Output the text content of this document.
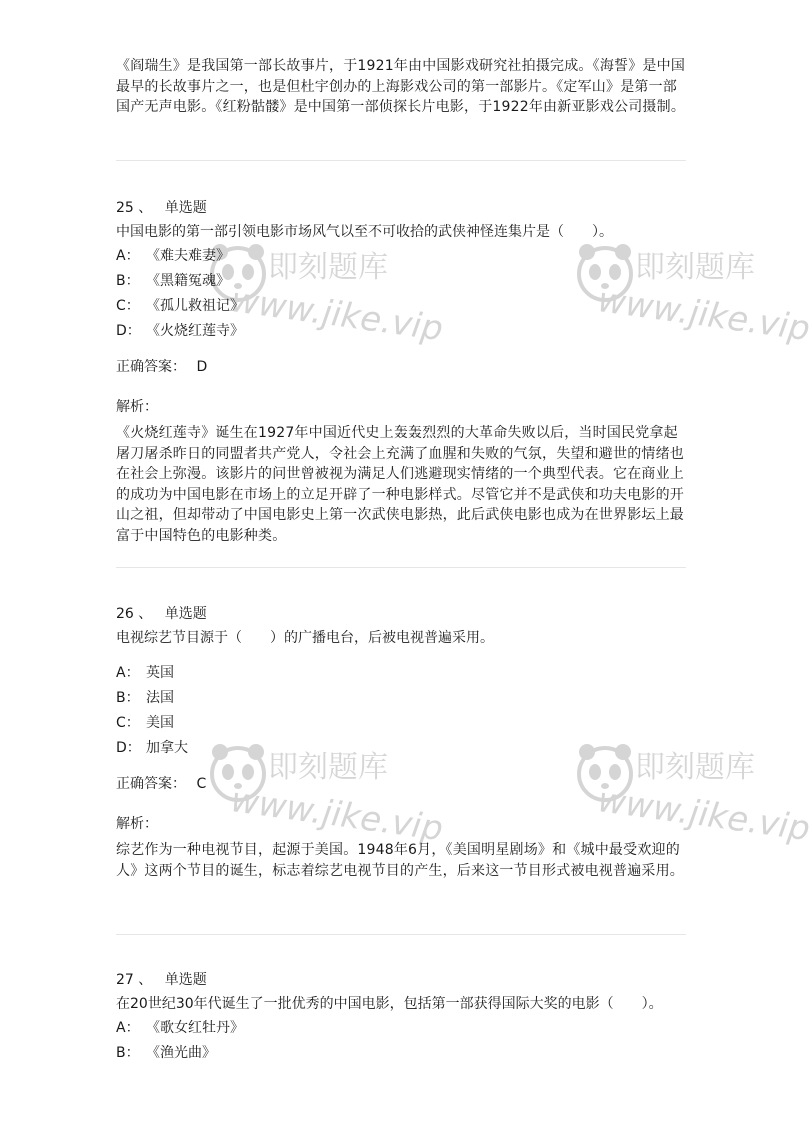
《阎瑞生》是我国第一部长故事片，于1921年由中国影戏研究社拍摄完成。《海誓》是中国最早的长故事片之一，也是但杜宇创办的上海影戏公司的第一部影片。《定军山》是第一部国产无声电影。《红粉骷髅》是中国第一部侦探长片电影，于1922年由新亚影戏公司摄制。

25 、 单选题
中国电影的第一部引领电影市场风气以至不可收拾的武侠神怪连集片是（　　）。
A： 《难夫难妻》
B： 《黑籍冤魂》
C： 《孤儿救祖记》
D： 《火烧红莲寺》
正确答案： D
解析：

《火烧红莲寺》诞生在1927年中国近代史上轰轰烈烈的大革命失败以后，当时国民党拿起屠刀屠杀昨日的同盟者共产党人，令社会上充满了血腥和失败的气氛，失望和避世的情绪也在社会上弥漫。该影片的问世曾被视为满足人们逃避现实情绪的一个典型代表。它在商业上的成功为中国电影在市场上的立足开辟了一种电影样式。尽管它并不是武侠和功夫电影的开山之祖，但却带动了中国电影史上第一次武侠电影热，此后武侠电影也成为在世界影坛上最富于中国特色的电影种类。

26 、 单选题
电视综艺节目源于（　　）的广播电台，后被电视普遍采用。
A： 英国
B： 法国
C： 美国
D： 加拿大
正确答案： C
解析：

综艺作为一种电视节目，起源于美国。1948年6月，《美国明星剧场》和《城中最受欢迎的人》这两个节目的诞生，标志着综艺电视节目的产生，后来这一节目形式被电视普遍采用。

27 、 单选题
在20世纪30年代诞生了一批优秀的中国电影，包括第一部获得国际大奖的电影（　　）。
A： 《歌女红牡丹》
B： 《渔光曲》
即刻题库
www.jike.vip
即刻题库
www.jike.vip
即刻题库
www.jike.vip
即刻题库
www.jike.vip
